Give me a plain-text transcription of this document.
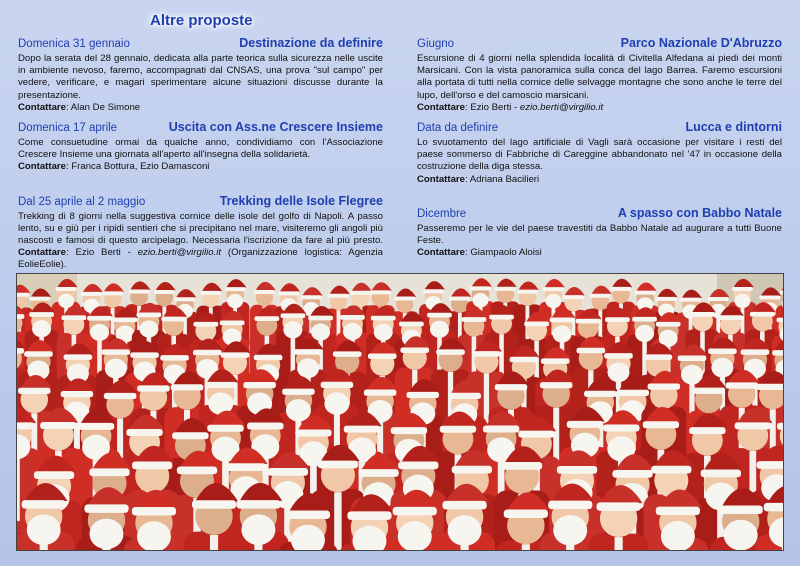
Altre proposte
Domenica 31 gennaio	Destinazione da definire

Dopo la serata del 28 gennaio, dedicata alla parte teorica sulla sicurezza nelle uscite in ambiente nevoso, faremo, accompagnati dal CNSAS, una prova "sul campo" per vedere, verificare, e magari sperimentare alcune situazioni discusse durante la presentazione.

Contattare: Alan De Simone

Domenica 17 aprile	Uscita con Ass.ne Crescere Insieme

Come consuetudine ormai da qualche anno, condividiamo con l'Associazione Crescere Insieme una giornata all'aperto all'insegna della solidarietà.

Contattare: Franca Bottura, Ezio Damasconi

Dal 25 aprile al 2 maggio	Trekking delle Isole Flegree

Trekking di 8 giorni nella suggestiva cornice delle isole del golfo di Napoli. A passo lento, su e giù per i ripidi sentieri che si precipitano nel mare, visiteremo gli angoli più nascosti e famosi di questo arcipelago. Necessaria l'iscrizione da fare al più presto. Contattare: Ezio Berti - ezio.berti@virgilio.it (Organizzazione logistica: Agenzia EolieEolie).

Giugno	Parco Nazionale D'Abruzzo

Escursione di 4 giorni nella splendida località di Civitella Alfedana ai piedi dei monti Marsicani. Con la vista panoramica sulla conca del lago Barrea. Faremo escursioni alla portata di tutti nella cornice delle selvagge montagne che sono anche le terre del lupo, dell'orso e del camoscio marsicani.

Contattare: Ezio Berti - ezio.berti@virgilio.it

Data da definire	Lucca e dintorni

Lo svuotamento del lago artificiale di Vagli sarà occasione per visitare i resti del paese sommerso di Fabbriche di Careggine abbandonato nel '47 in occasione della costruzione della diga stessa.

Contattare: Adriana Bacilieri

Dicembre	A spasso con Babbo Natale

Passeremo per le vie del paese travestiti da Babbo Natale ad augurare a tutti Buone Feste.

Contattare: Giampaolo Aloisi
